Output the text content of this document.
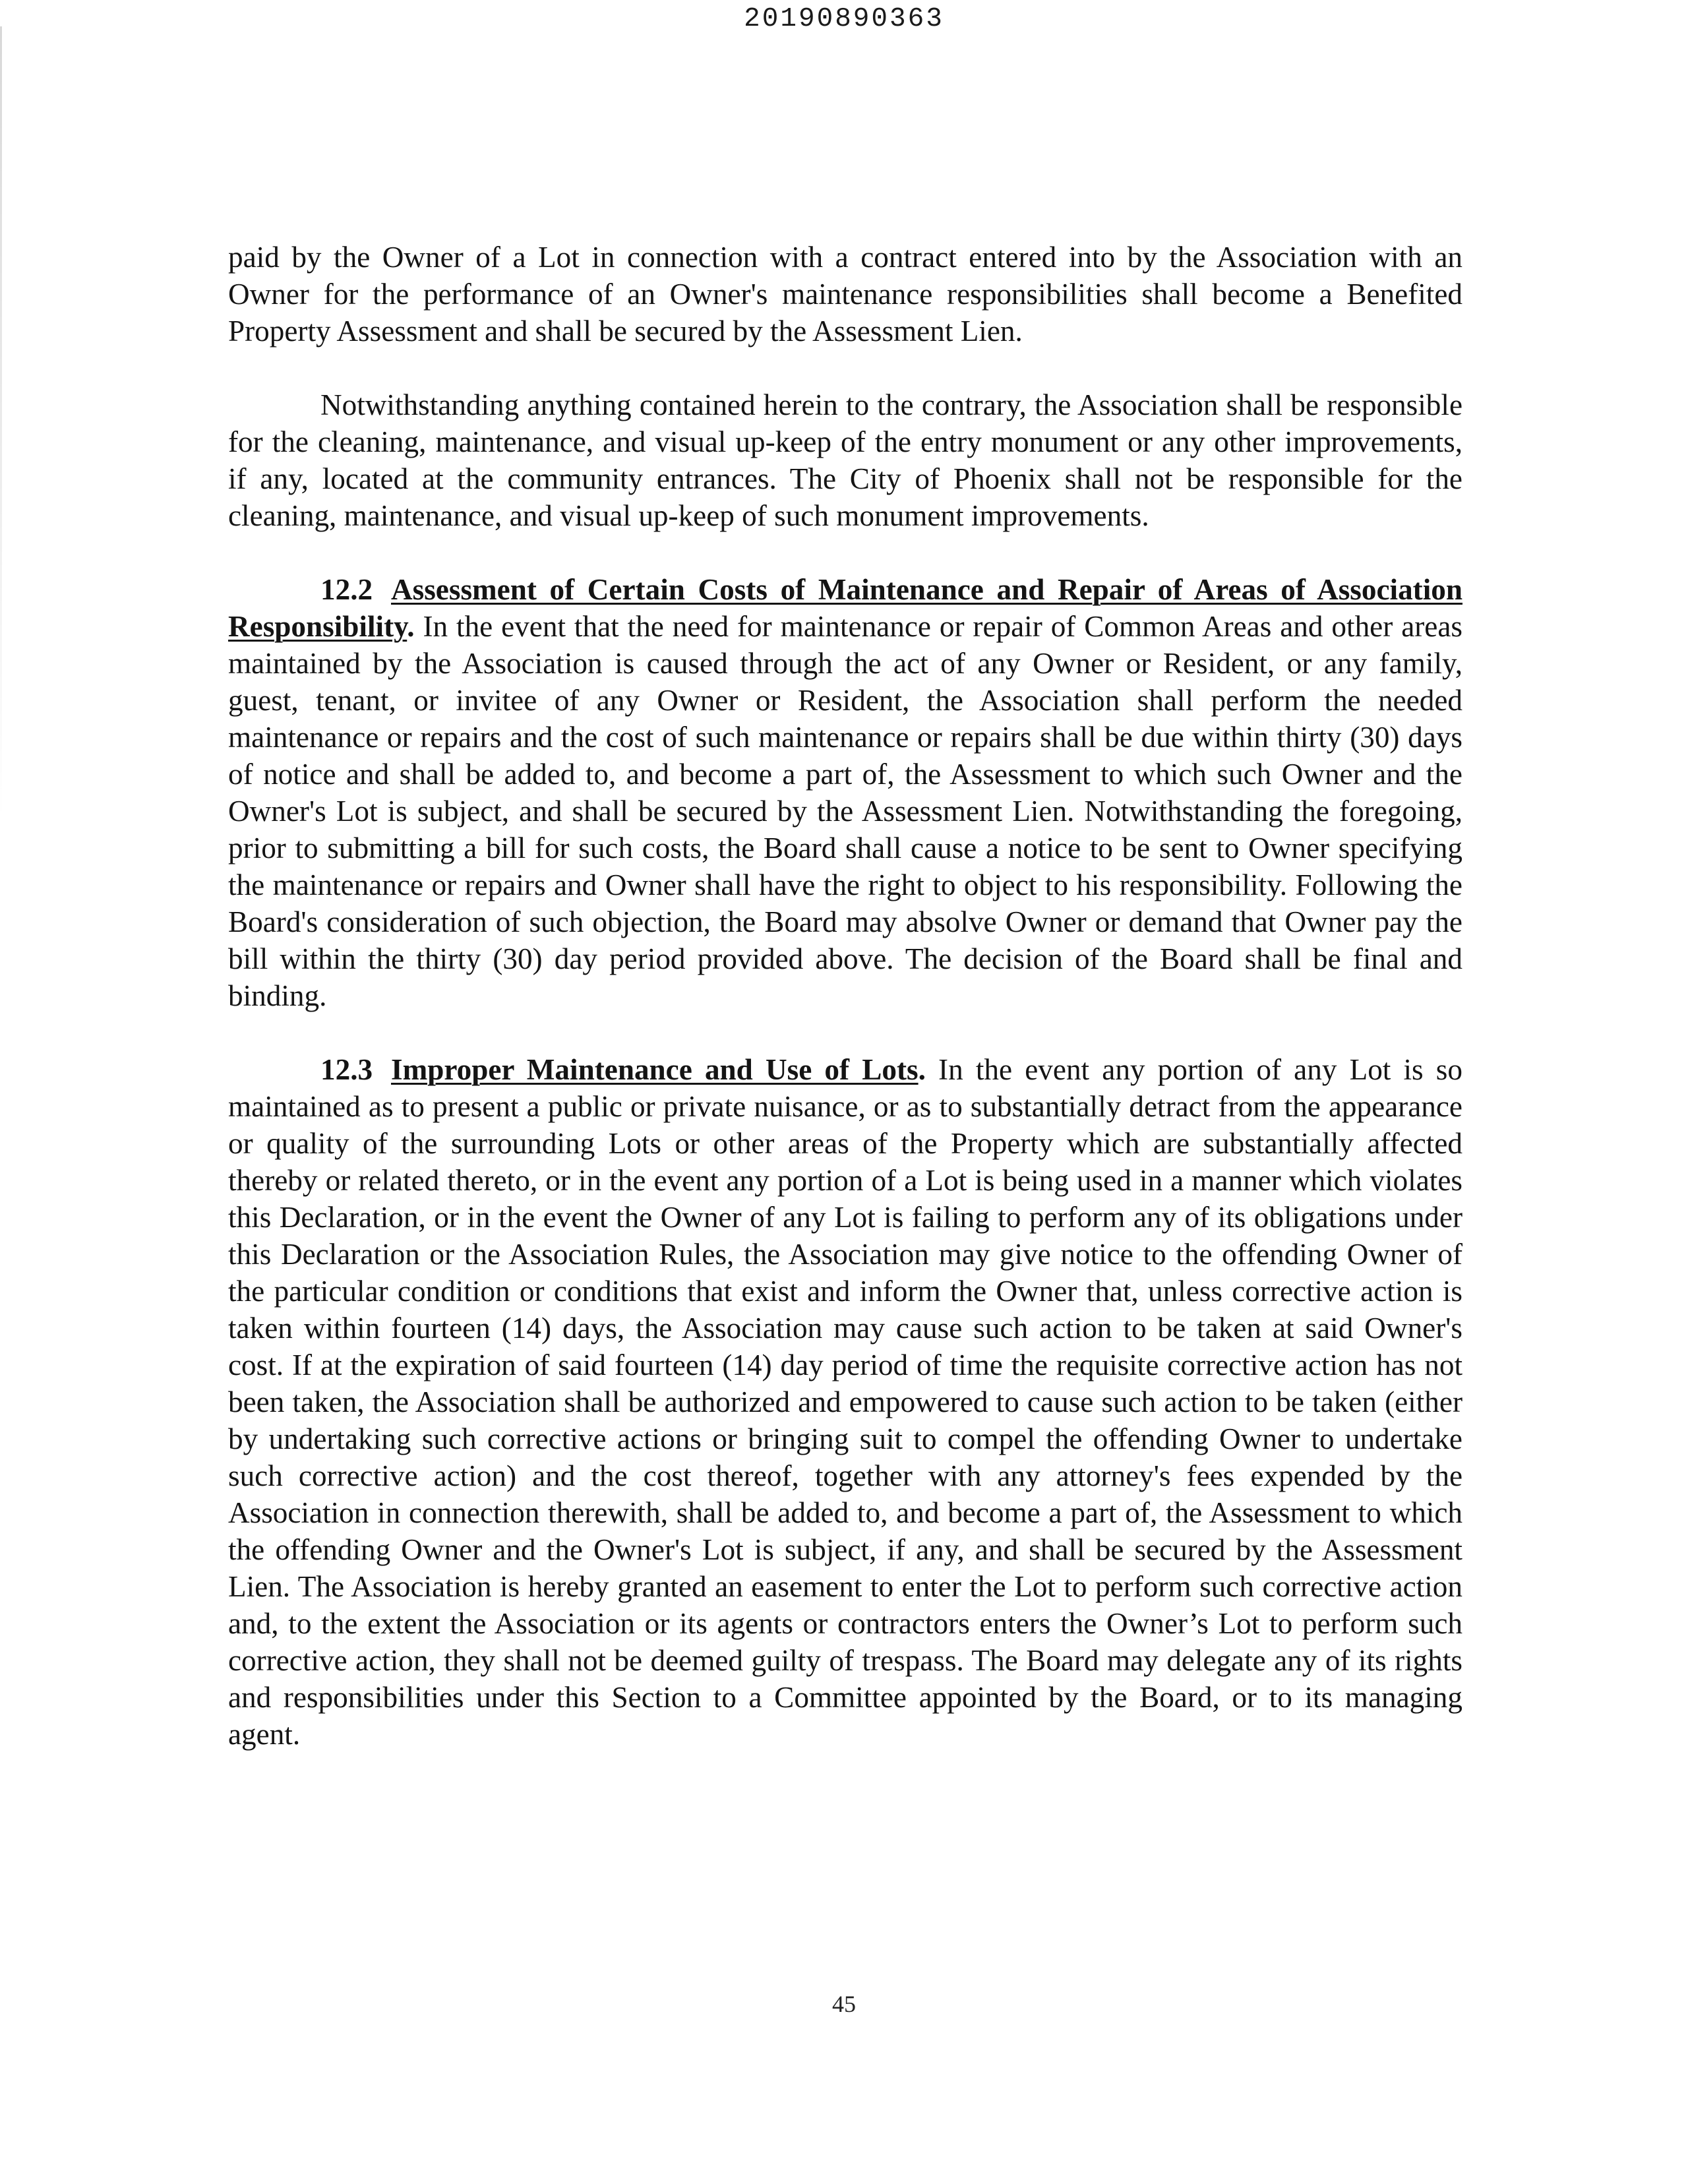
20190890363

paid by the Owner of a Lot in connection with a contract entered into by the Association with an Owner for the performance of an Owner's maintenance responsibilities shall become a Benefited Property Assessment and shall be secured by the Assessment Lien.

Notwithstanding anything contained herein to the contrary, the Association shall be responsible for the cleaning, maintenance, and visual up-keep of the entry monument or any other improvements, if any, located at the community entrances. The City of Phoenix shall not be responsible for the cleaning, maintenance, and visual up-keep of such monument improvements.

12.2 Assessment of Certain Costs of Maintenance and Repair of Areas of Association Responsibility. In the event that the need for maintenance or repair of Common Areas and other areas maintained by the Association is caused through the act of any Owner or Resident, or any family, guest, tenant, or invitee of any Owner or Resident, the Association shall perform the needed maintenance or repairs and the cost of such maintenance or repairs shall be due within thirty (30) days of notice and shall be added to, and become a part of, the Assessment to which such Owner and the Owner's Lot is subject, and shall be secured by the Assessment Lien. Notwithstanding the foregoing, prior to submitting a bill for such costs, the Board shall cause a notice to be sent to Owner specifying the maintenance or repairs and Owner shall have the right to object to his responsibility. Following the Board's consideration of such objection, the Board may absolve Owner or demand that Owner pay the bill within the thirty (30) day period provided above. The decision of the Board shall be final and binding.

12.3 Improper Maintenance and Use of Lots. In the event any portion of any Lot is so maintained as to present a public or private nuisance, or as to substantially detract from the appearance or quality of the surrounding Lots or other areas of the Property which are substantially affected thereby or related thereto, or in the event any portion of a Lot is being used in a manner which violates this Declaration, or in the event the Owner of any Lot is failing to perform any of its obligations under this Declaration or the Association Rules, the Association may give notice to the offending Owner of the particular condition or conditions that exist and inform the Owner that, unless corrective action is taken within fourteen (14) days, the Association may cause such action to be taken at said Owner's cost. If at the expiration of said fourteen (14) day period of time the requisite corrective action has not been taken, the Association shall be authorized and empowered to cause such action to be taken (either by undertaking such corrective actions or bringing suit to compel the offending Owner to undertake such corrective action) and the cost thereof, together with any attorney's fees expended by the Association in connection therewith, shall be added to, and become a part of, the Assessment to which the offending Owner and the Owner's Lot is subject, if any, and shall be secured by the Assessment Lien. The Association is hereby granted an easement to enter the Lot to perform such corrective action and, to the extent the Association or its agents or contractors enters the Owner’s Lot to perform such corrective action, they shall not be deemed guilty of trespass. The Board may delegate any of its rights and responsibilities under this Section to a Committee appointed by the Board, or to its managing agent.

45
